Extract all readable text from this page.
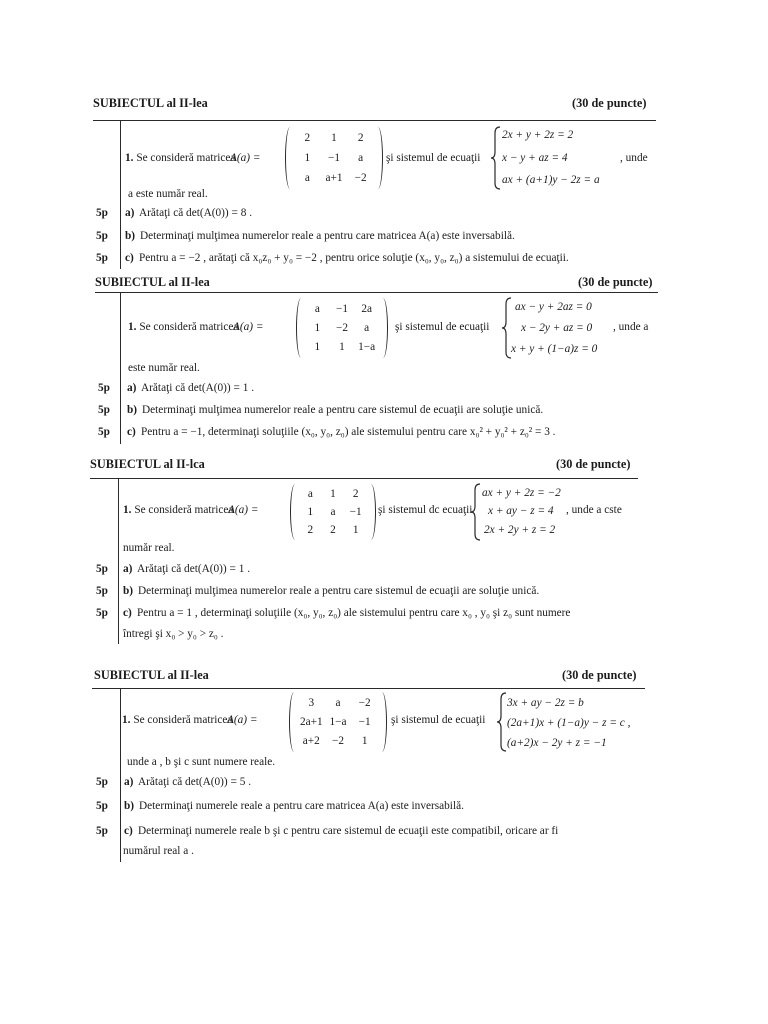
SUBIECTUL al II-lea	(30 de puncte)
1. Se consideră matricea
A(a) =
2 1 2
1 −1 a
a a+1 −2
şi sistemul de ecuaţii
2x + y + 2z = 2
x − y + az = 4
ax + (a+1)y − 2z = a
, unde
a este număr real.
5p a) Arătaţi că det(A(0)) = 8 .
5p b) Determinaţi mulţimea numerelor reale a pentru care matricea A(a) este inversabilă.
5p c) Pentru a = −2 , arătaţi că x₀z₀ + y₀ = −2 , pentru orice soluţie (x₀, y₀, z₀) a sistemului de ecuaţii.
SUBIECTUL al II-lea	(30 de puncte)
1. Se consideră matricea
A(a) =
a −1 2a
1 −2 a
1 1 1−a
şi sistemul de ecuaţii
ax − y + 2az = 0
x − 2y + az = 0
x + y + (1−a)z = 0
, unde a
este număr real.
5p a) Arătaţi că det(A(0)) = 1 .
5p b) Determinaţi mulţimea numerelor reale a pentru care sistemul de ecuaţii are soluţie unică.
5p c) Pentru a = −1, determinaţi soluţiile (x₀, y₀, z₀) ale sistemului pentru care x₀² + y₀² + z₀² = 3 .
SUBIECTUL al II-lca	(30 de puncte)
1. Se consideră matricea
A(a) =
a 1 2
1 a −1
2 2 1
şi sistemul dc ecuaţii
ax + y + 2z = −2
x + ay − z = 4
2x + 2y + z = 2
, unde a cste
număr real.
5p a) Arătaţi că det(A(0)) = 1 .
5p b) Determinaţi mulţimea numerelor reale a pentru care sistemul de ecuaţii are soluţie unică.
5p c) Pentru a = 1 , determinaţi soluţiile (x₀, y₀, z₀) ale sistemului pentru care x₀ , y₀ şi z₀ sunt numere
întregi şi x₀ > y₀ > z₀ .
SUBIECTUL al II-lea	(30 de puncte)
1. Se consideră matricea
A(a) =
3 a −2
2a+1 1−a −1
a+2 −2 1
şi sistemul de ecuaţii
3x + ay − 2z = b
(2a+1)x + (1−a)y − z = c ,
(a+2)x − 2y + z = −1
unde a , b şi c sunt numere reale.
5p a) Arătaţi că det(A(0)) = 5 .
5p b) Determinaţi numerele reale a pentru care matricea A(a) este inversabilă.
5p c) Determinaţi numerele reale b şi c pentru care sistemul de ecuaţii este compatibil, oricare ar fi
numărul real a .
